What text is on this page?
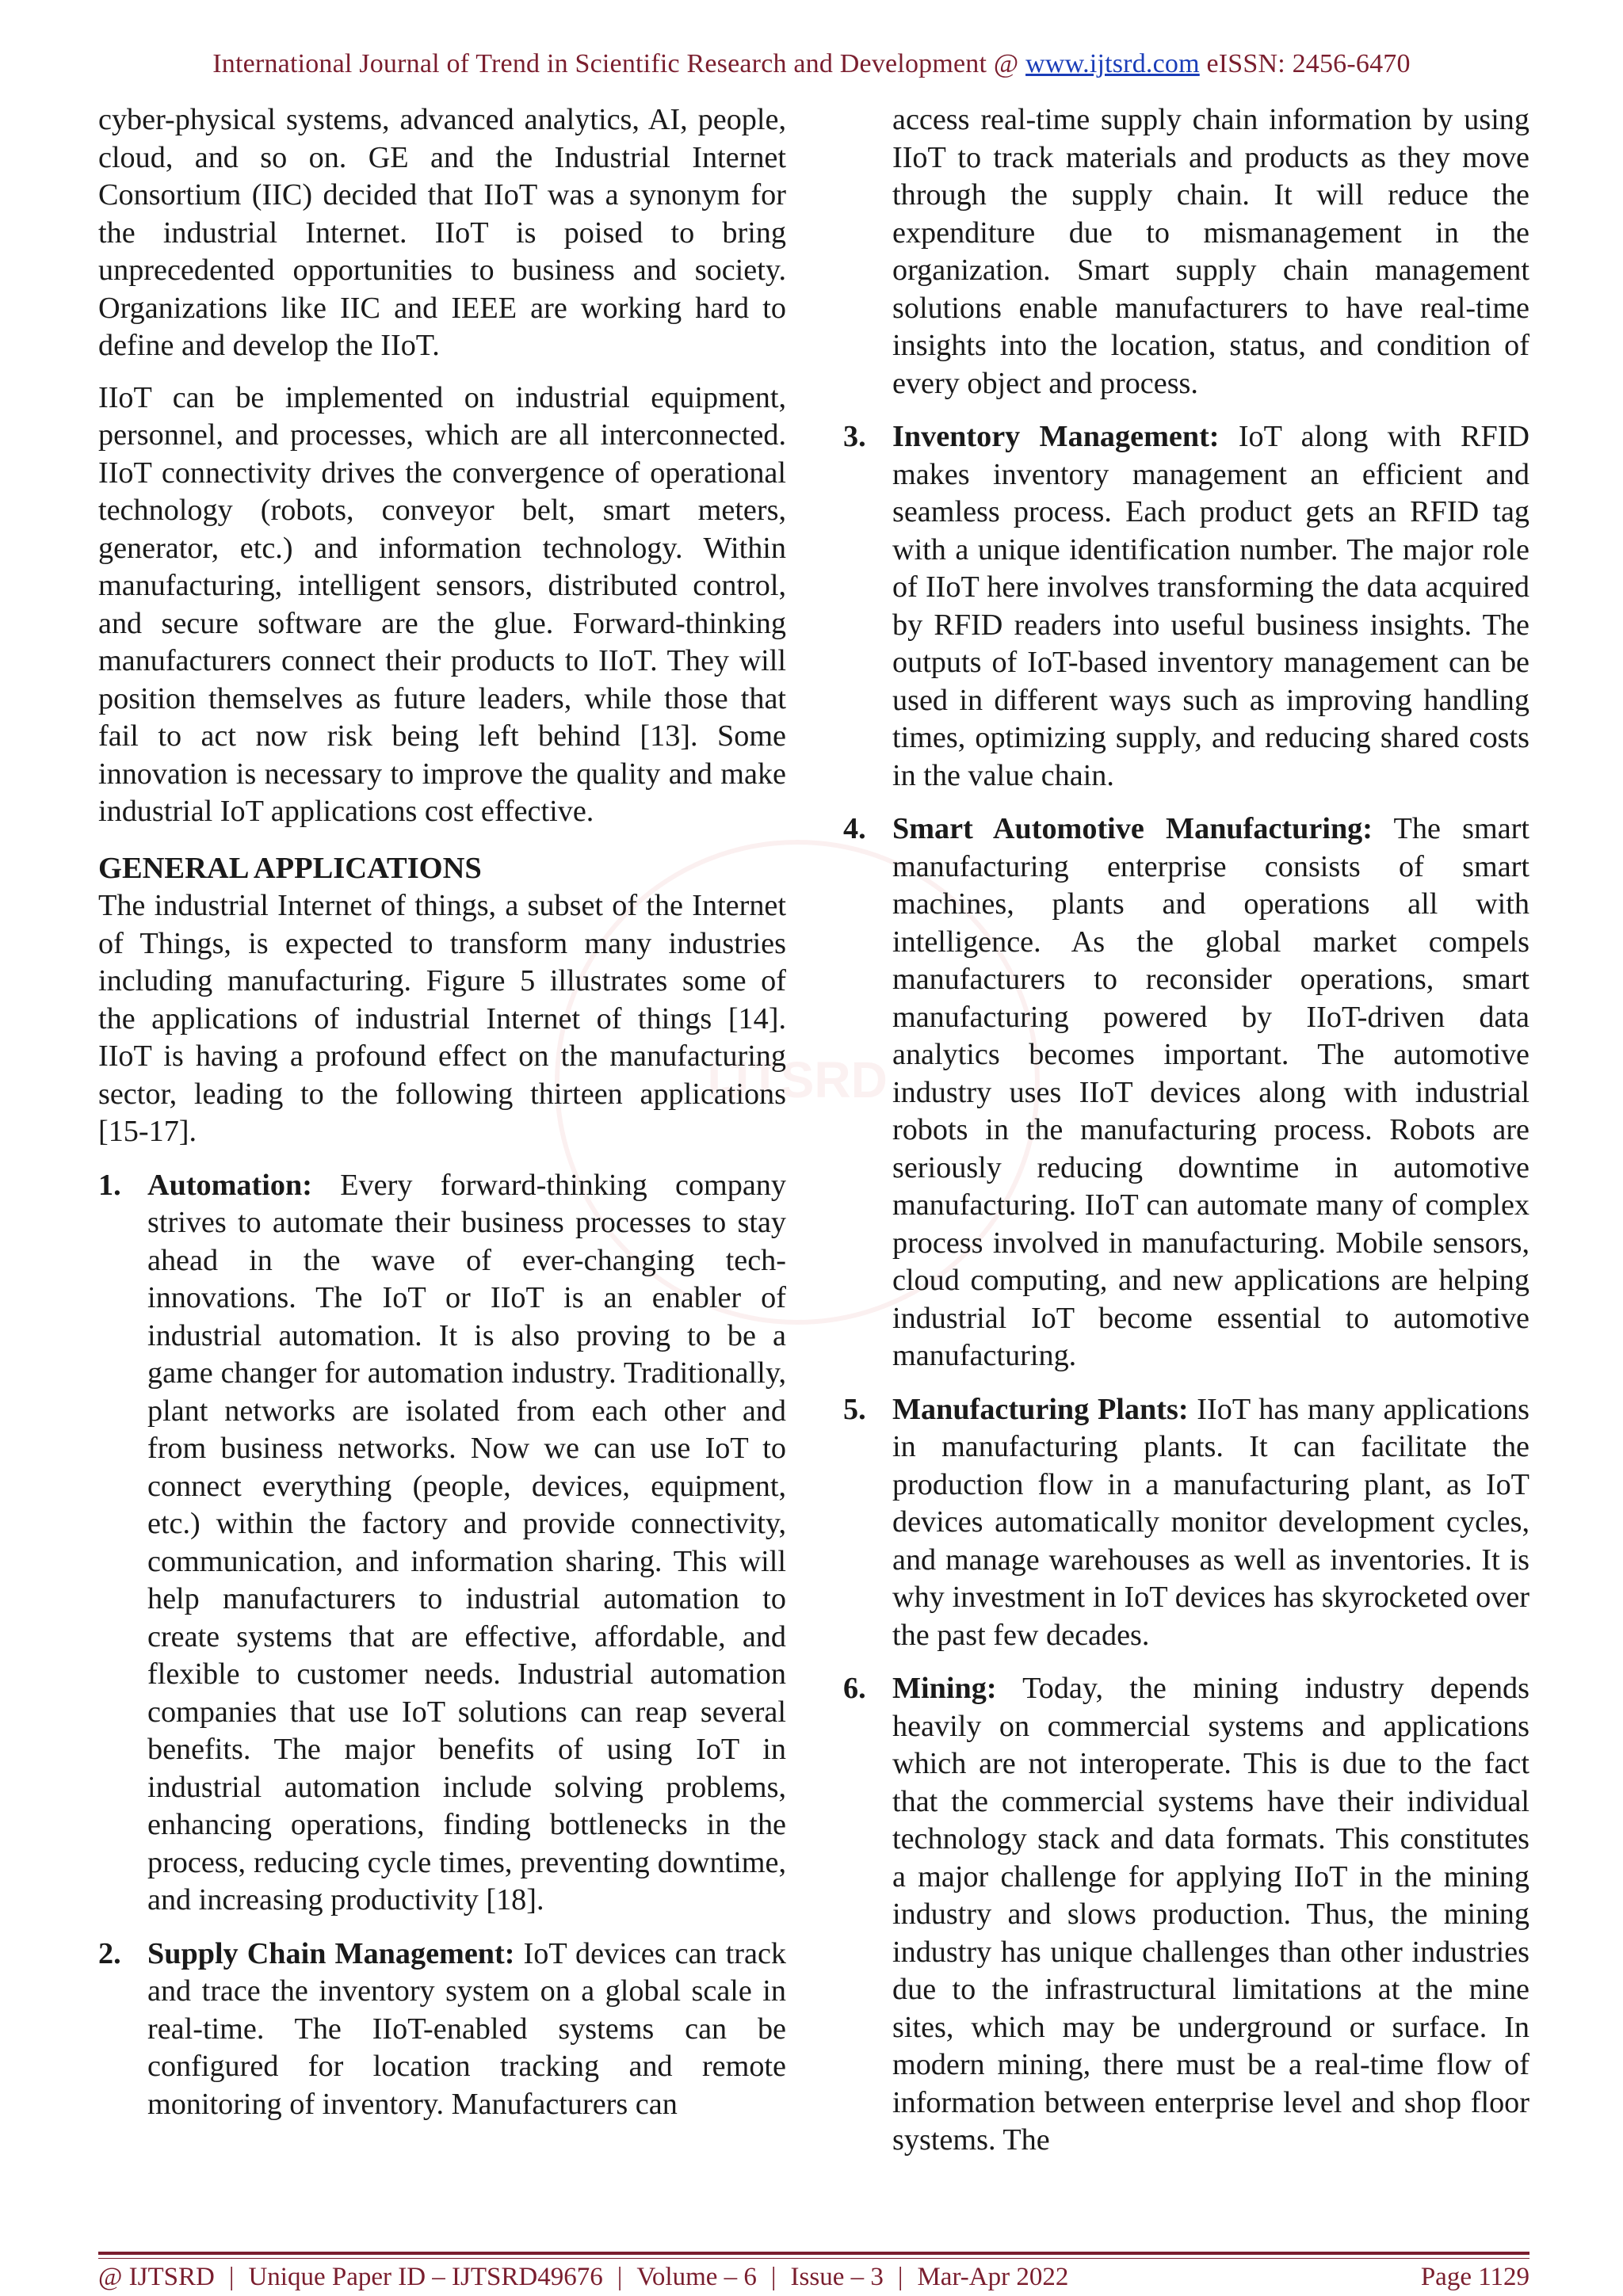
International Journal of Trend in Scientific Research and Development @ www.ijtsrd.com eISSN: 2456-6470
IJTSRD

cyber-physical systems, advanced analytics, AI, people, cloud, and so on. GE and the Industrial Internet Consortium (IIC) decided that IIoT was a synonym for the industrial Internet. IIoT is poised to bring unprecedented opportunities to business and society. Organizations like IIC and IEEE are working hard to define and develop the IIoT.

IIoT can be implemented on industrial equipment, personnel, and processes, which are all interconnected. IIoT connectivity drives the convergence of operational technology (robots, conveyor belt, smart meters, generator, etc.) and information technology. Within manufacturing, intelligent sensors, distributed control, and secure software are the glue. Forward-thinking manufacturers connect their products to IIoT. They will position themselves as future leaders, while those that fail to act now risk being left behind [13]. Some innovation is necessary to improve the quality and make industrial IoT applications cost effective.

GENERAL APPLICATIONS

The industrial Internet of things, a subset of the Internet of Things, is expected to transform many industries including manufacturing. Figure 5 illustrates some of the applications of industrial Internet of things [14]. IIoT is having a profound effect on the manufacturing sector, leading to the following thirteen applications [15-17].

1. Automation: Every forward-thinking company strives to automate their business processes to stay ahead in the wave of ever-changing tech-innovations. The IoT or IIoT is an enabler of industrial automation. It is also proving to be a game changer for automation industry. Traditionally, plant networks are isolated from each other and from business networks. Now we can use IoT to connect everything (people, devices, equipment, etc.) within the factory and provide connectivity, communication, and information sharing. This will help manufacturers to industrial automation to create systems that are effective, affordable, and flexible to customer needs. Industrial automation companies that use IoT solutions can reap several benefits. The major benefits of using IoT in industrial automation include solving problems, enhancing operations, finding bottlenecks in the process, reducing cycle times, preventing downtime, and increasing productivity [18].

2. Supply Chain Management: IoT devices can track and trace the inventory system on a global scale in real-time. The IIoT-enabled systems can be configured for location tracking and remote monitoring of inventory. Manufacturers can

access real-time supply chain information by using IIoT to track materials and products as they move through the supply chain. It will reduce the expenditure due to mismanagement in the organization. Smart supply chain management solutions enable manufacturers to have real-time insights into the location, status, and condition of every object and process.

3. Inventory Management: IoT along with RFID makes inventory management an efficient and seamless process. Each product gets an RFID tag with a unique identification number. The major role of IIoT here involves transforming the data acquired by RFID readers into useful business insights. The outputs of IoT-based inventory management can be used in different ways such as improving handling times, optimizing supply, and reducing shared costs in the value chain.

4. Smart Automotive Manufacturing: The smart manufacturing enterprise consists of smart machines, plants and operations all with intelligence. As the global market compels manufacturers to reconsider operations, smart manufacturing powered by IIoT-driven data analytics becomes important. The automotive industry uses IIoT devices along with industrial robots in the manufacturing process. Robots are seriously reducing downtime in automotive manufacturing. IIoT can automate many of complex process involved in manufacturing. Mobile sensors, cloud computing, and new applications are helping industrial IoT become essential to automotive manufacturing.

5. Manufacturing Plants: IIoT has many applications in manufacturing plants. It can facilitate the production flow in a manufacturing plant, as IoT devices automatically monitor development cycles, and manage warehouses as well as inventories. It is why investment in IoT devices has skyrocketed over the past few decades.

6. Mining: Today, the mining industry depends heavily on commercial systems and applications which are not interoperate. This is due to the fact that the commercial systems have their individual technology stack and data formats. This constitutes a major challenge for applying IIoT in the mining industry and slows production. Thus, the mining industry has unique challenges than other industries due to the infrastructural limitations at the mine sites, which may be underground or surface. In modern mining, there must be a real-time flow of information between enterprise level and shop floor systems. The

@ IJTSRD | Unique Paper ID – IJTSRD49676 | Volume – 6 | Issue – 3 | Mar-Apr 2022	Page 1129
